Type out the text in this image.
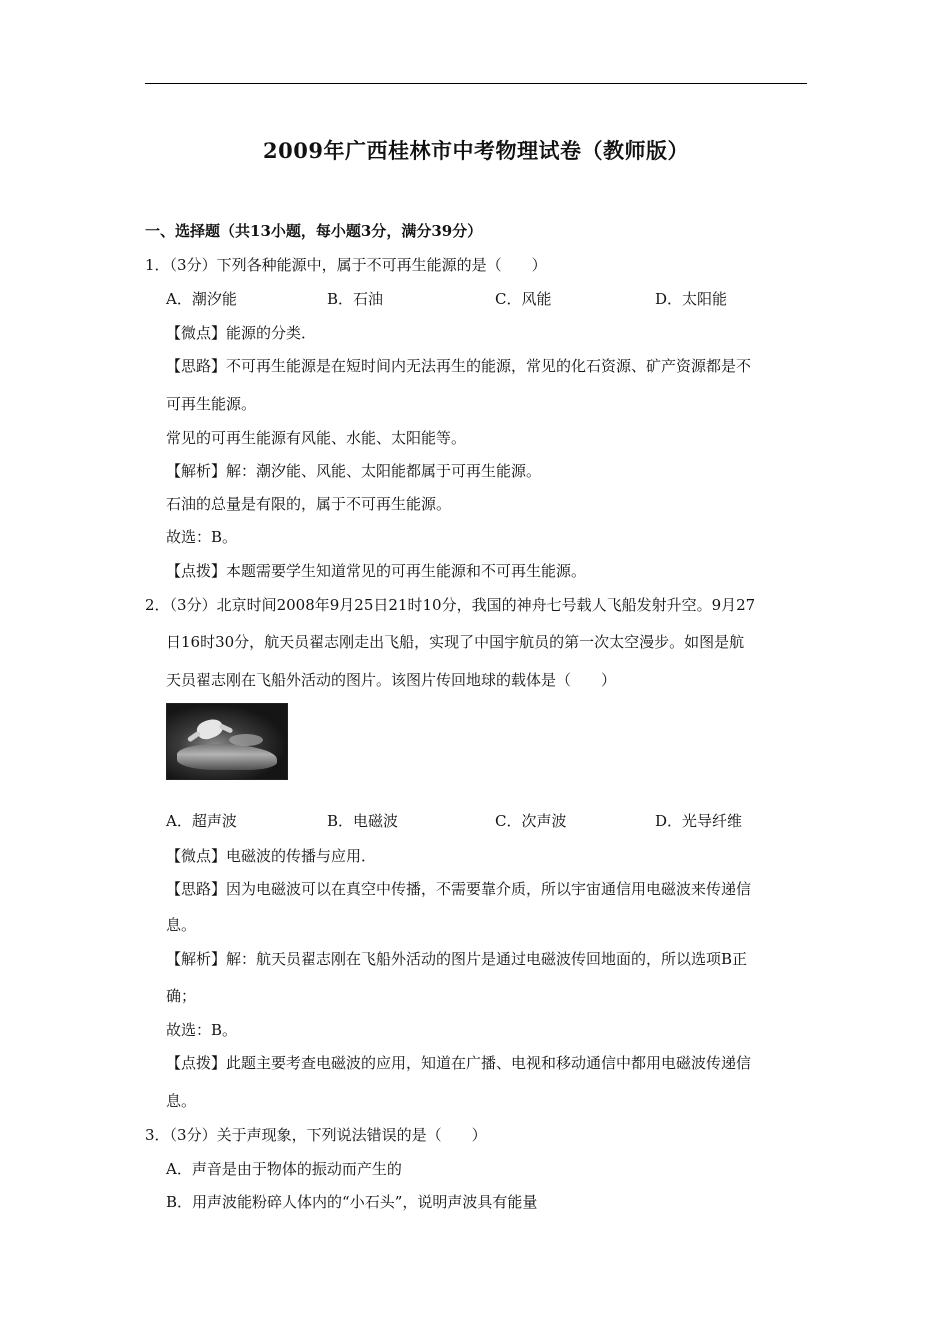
2009年广西桂林市中考物理试卷（教师版）
一、选择题（共13小题，每小题3分，满分39分）
1．（3分）下列各种能源中，属于不可再生能源的是（　　）
A．潮汐能	B．石油	C．风能	D．太阳能
【微点】能源的分类．
【思路】不可再生能源是在短时间内无法再生的能源，常见的化石资源、矿产资源都是不
可再生能源。
常见的可再生能源有风能、水能、太阳能等。
【解析】解：潮汐能、风能、太阳能都属于可再生能源。
石油的总量是有限的，属于不可再生能源。
故选：B。
【点拨】本题需要学生知道常见的可再生能源和不可再生能源。
2．（3分）北京时间2008年9月25日21时10分，我国的神舟七号载人飞船发射升空。9月27
日16时30分，航天员翟志刚走出飞船，实现了中国宇航员的第一次太空漫步。如图是航
天员翟志刚在飞船外活动的图片。该图片传回地球的载体是（　　）
A．超声波	B．电磁波	C．次声波	D．光导纤维
【微点】电磁波的传播与应用．
【思路】因为电磁波可以在真空中传播，不需要靠介质，所以宇宙通信用电磁波来传递信
息。
【解析】解：航天员翟志刚在飞船外活动的图片是通过电磁波传回地面的，所以选项B正
确；
故选：B。
【点拨】此题主要考查电磁波的应用，知道在广播、电视和移动通信中都用电磁波传递信
息。
3．（3分）关于声现象，下列说法错误的是（　　）
A．声音是由于物体的振动而产生的
B．用声波能粉碎人体内的“小石头”，说明声波具有能量
